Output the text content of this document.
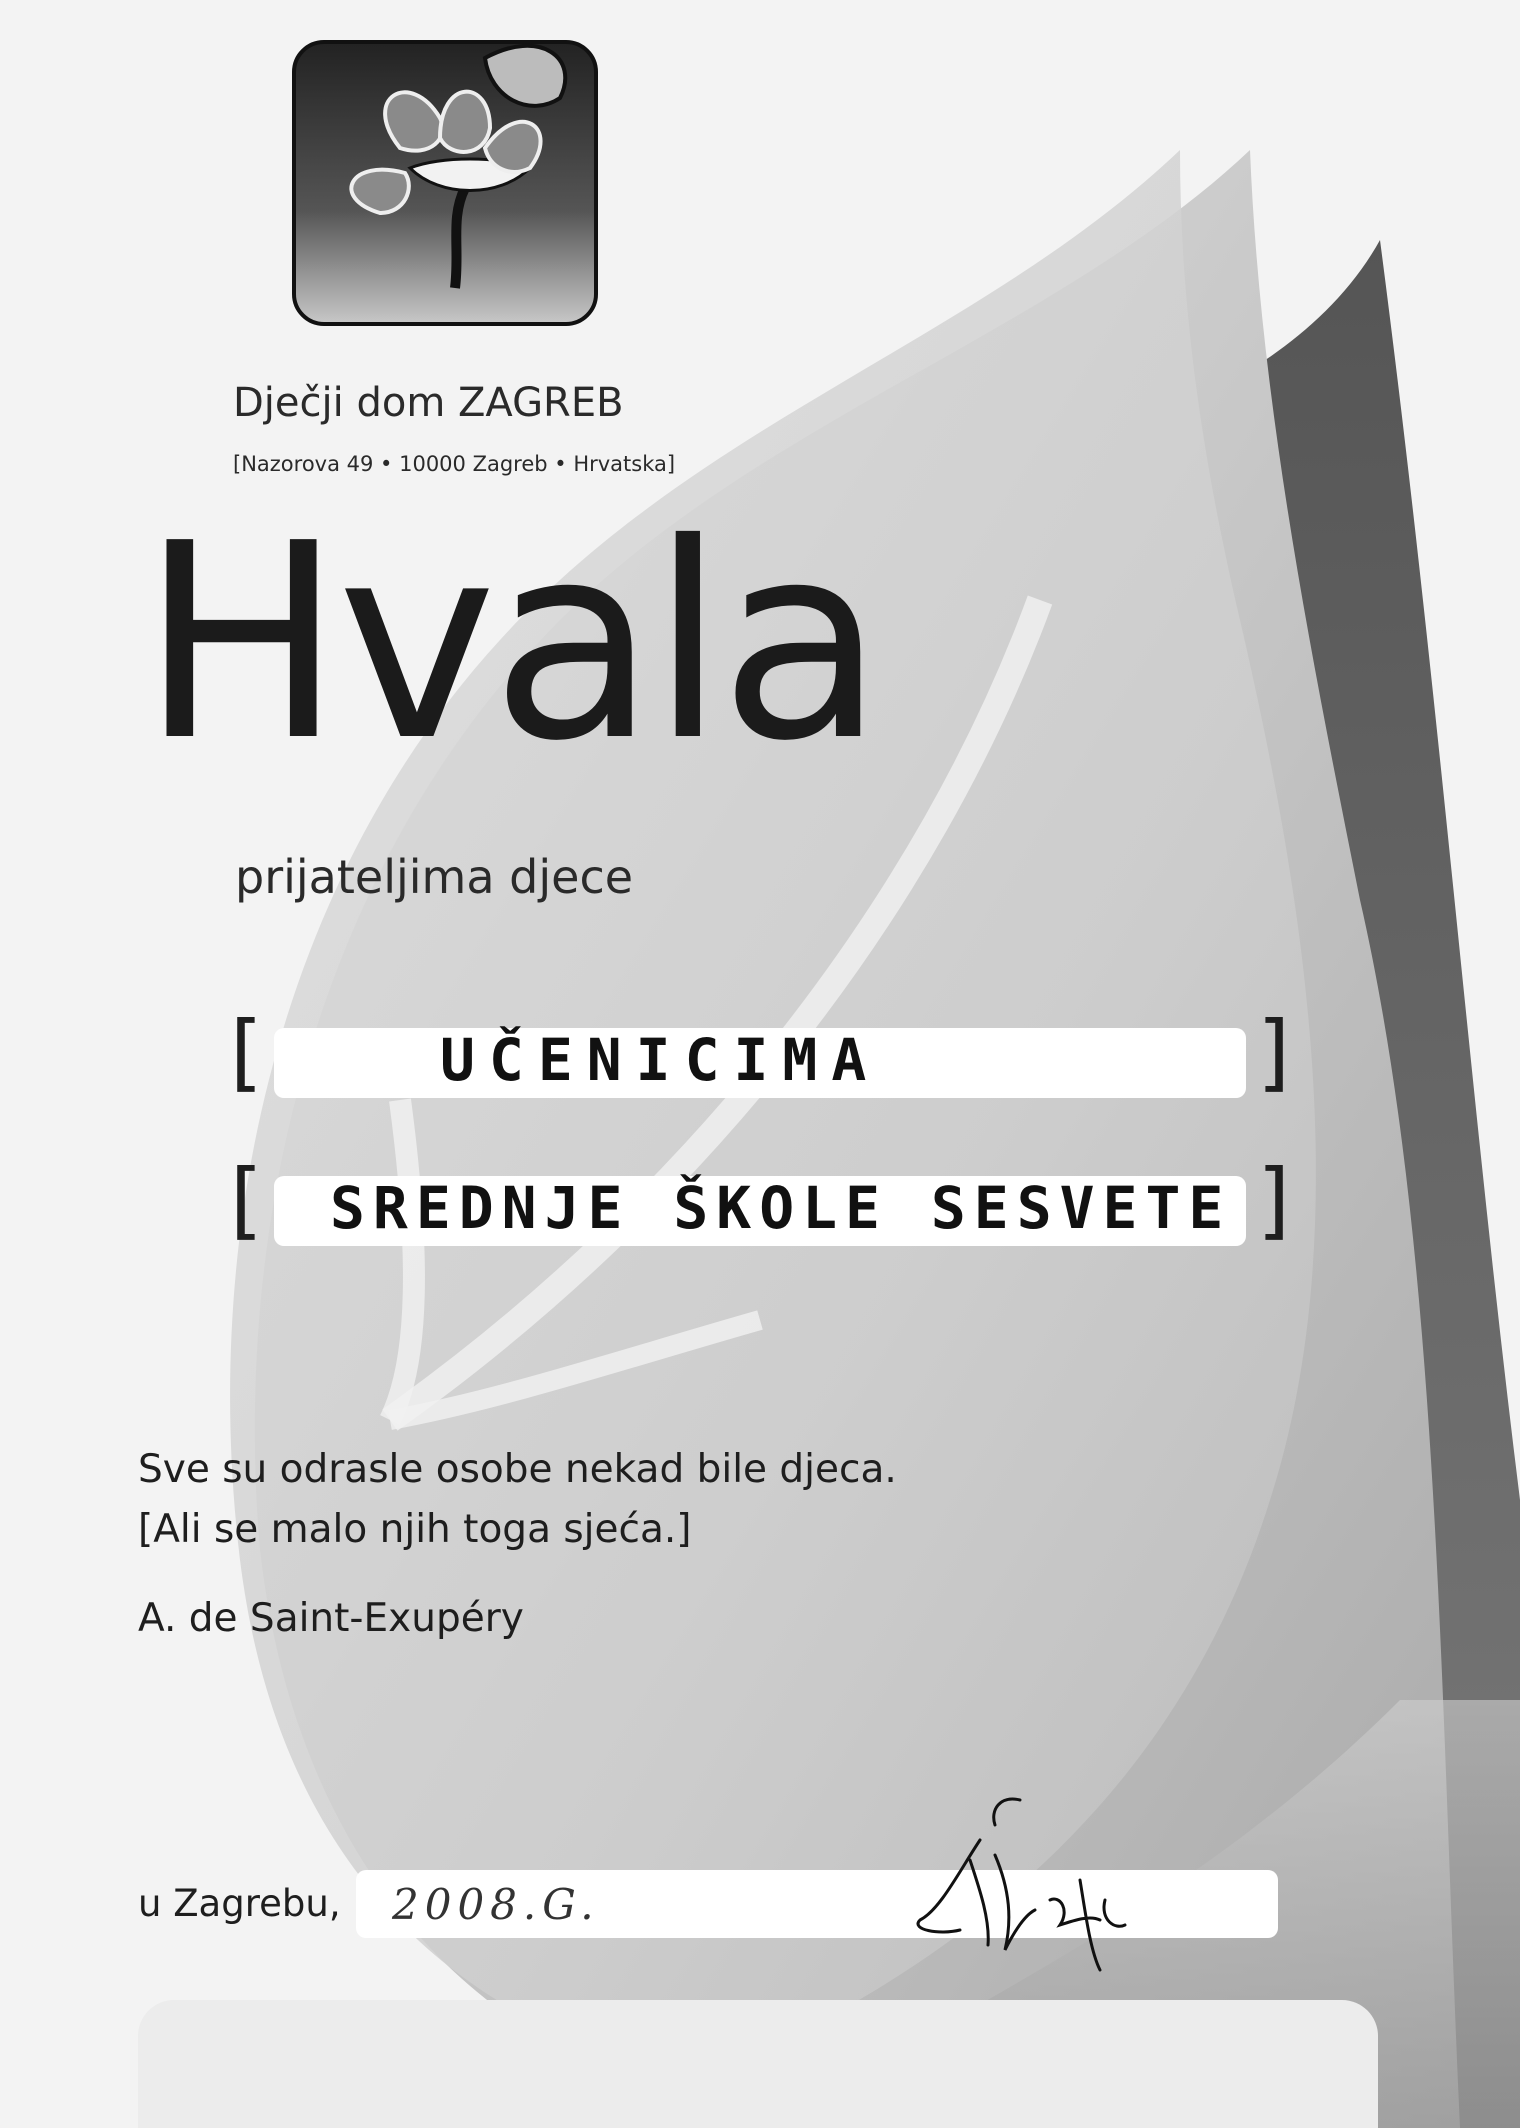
Dječji dom ZAGREB
[Nazorova 49 • 10000 Zagreb • Hrvatska]
Hvala
prijateljima djece
[	UČENICIMA	]
[ SREDNJE ŠKOLE SESVETE ]
Sve su odrasle osobe nekad bile djeca.
[Ali se malo njih toga sjeća.]
A. de Saint-Exupéry
u Zagrebu, 2008.G.
